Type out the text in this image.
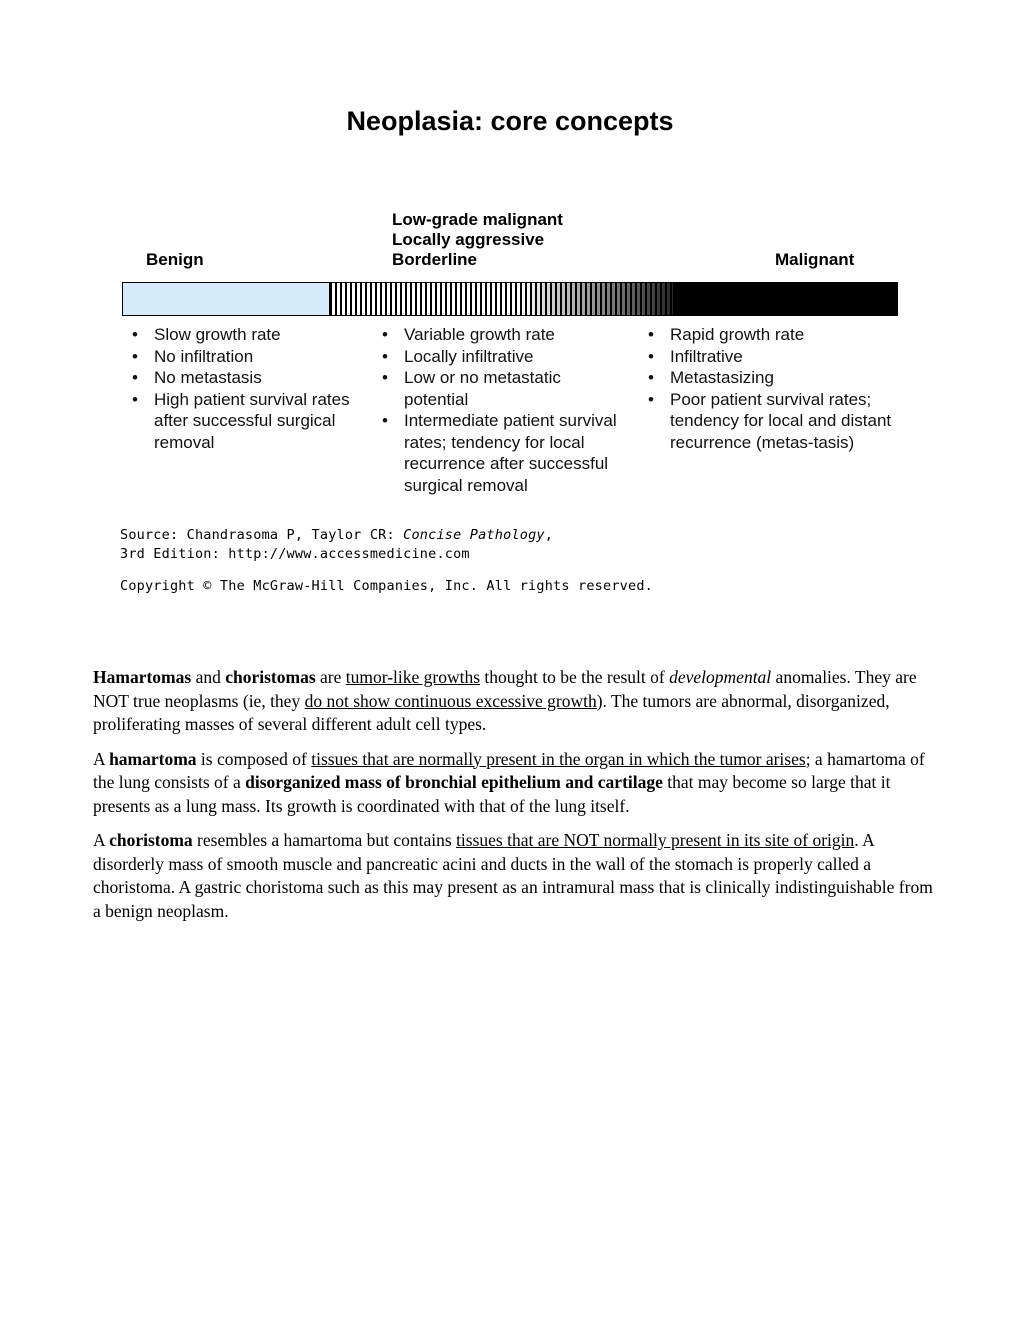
Neoplasia: core concepts
Benign
Low-grade malignant
Locally aggressive
Borderline	Malignant
• Slow growth rate
• No infiltration
• No metastasis
• High patient survival rates after successful surgical removal
• Variable growth rate
• Locally infiltrative
• Low or no metastatic potential
• Intermediate patient survival rates; tendency for local recurrence after successful surgical removal
• Rapid growth rate
• Infiltrative
• Metastasizing
• Poor patient survival rates; tendency for local and distant recurrence (metas-tasis)
Source: Chandrasoma P, Taylor CR: Concise Pathology,
3rd Edition: http://www.accessmedicine.com
Copyright © The McGraw-Hill Companies, Inc. All rights reserved.

Hamartomas and choristomas are tumor-like growths thought to be the result of developmental anomalies. They are NOT true neoplasms (ie, they do not show continuous excessive growth). The tumors are abnormal, disorganized, proliferating masses of several different adult cell types.

A hamartoma is composed of tissues that are normally present in the organ in which the tumor arises; a hamartoma of the lung consists of a disorganized mass of bronchial epithelium and cartilage that may become so large that it presents as a lung mass. Its growth is coordinated with that of the lung itself.

A choristoma resembles a hamartoma but contains tissues that are NOT normally present in its site of origin. A disorderly mass of smooth muscle and pancreatic acini and ducts in the wall of the stomach is properly called a choristoma. A gastric choristoma such as this may present as an intramural mass that is clinically indistinguishable from a benign neoplasm.
